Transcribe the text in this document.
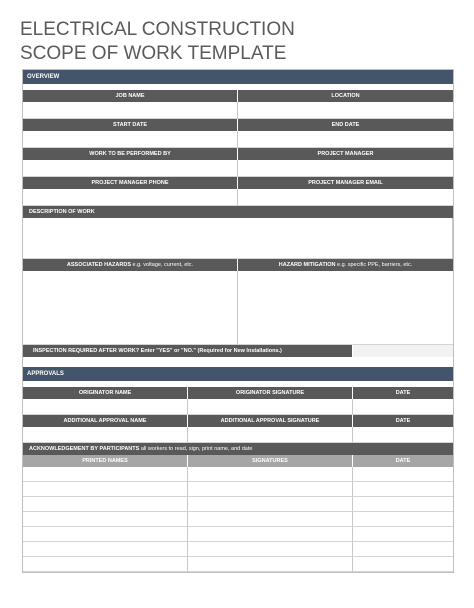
ELECTRICAL CONSTRUCTION
SCOPE OF WORK TEMPLATE
OVERVIEW
JOB NAME	LOCATION
START DATE	END DATE
WORK TO BE PERFORMED BY	PROJECT MANAGER
PROJECT MANAGER PHONE	PROJECT MANAGER EMAIL
DESCRIPTION OF WORK
ASSOCIATED HAZARDS e.g. voltage, current, etc.	HAZARD MITIGATION e.g. specific PPE, barriers, etc.
INSPECTION REQUIRED AFTER WORK? Enter "YES" or "NO." (Required for New Installations.)
APPROVALS
ORIGINATOR NAME	ORIGINATOR SIGNATURE	DATE
ADDITIONAL APPROVAL NAME	ADDITIONAL APPROVAL SIGNATURE	DATE
ACKNOWLEDGEMENT BY PARTICIPANTS all workers to read, sign, print name, and date
PRINTED NAMES	SIGNATURES	DATE
